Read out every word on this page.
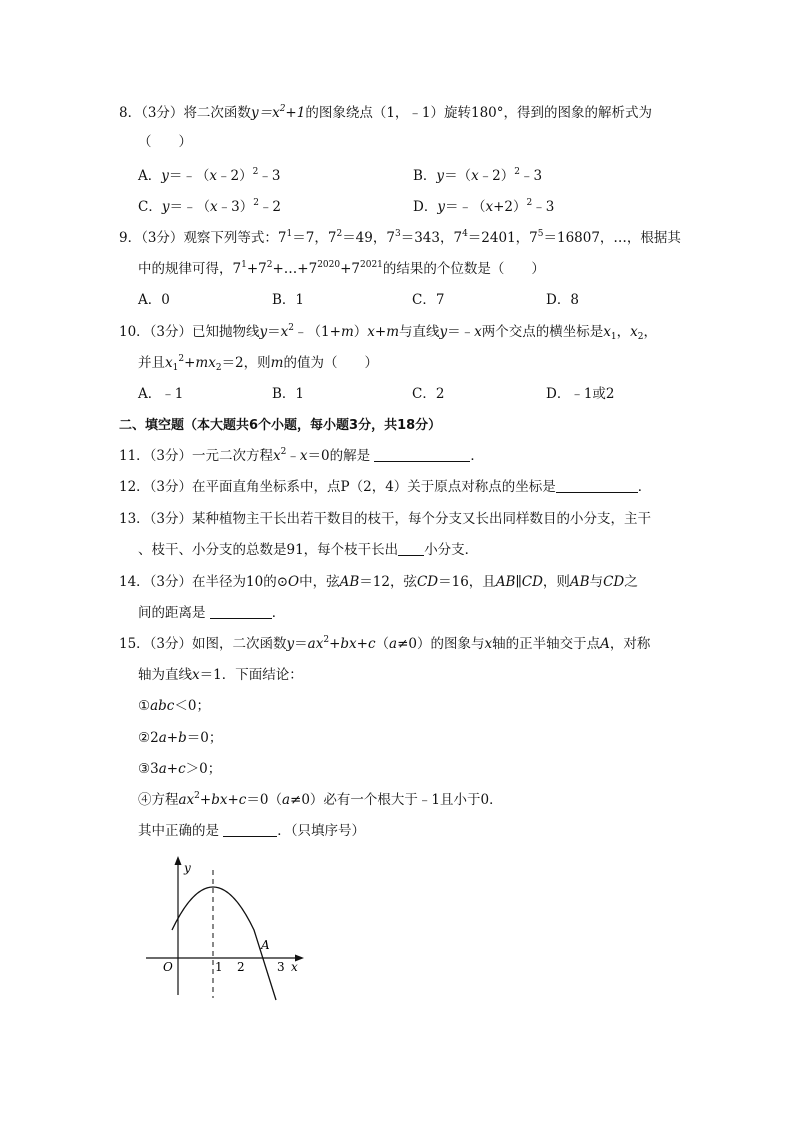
8．（3分）将二次函数$y=x^2+1$的图象绕点（1，﹣1）旋转180°，得到的图象的解析式为
（　　）
A．y＝﹣（x﹣2）$^2$﹣3	B．y＝（x﹣2）$^2$﹣3
C．y＝﹣（x﹣3）$^2$﹣2	D．$y=﹣(x+2)^2﹣3$
9．（3分）观察下列等式：$7^1=7$，$7^2=49$，$7^3=343$，$7^4=2401$，$7^5=16807$，…，根据其
中的规律可得，$7^1+7^2+\dots+7^{2020}+7^{2021}$的结果的个位数是（　　）
A．0	B．1	C．7	D．8
10．（3分）已知抛物线$y=x^2﹣(1+m)x+m$与直线y＝﹣x两个交点的横坐标是$x_1$，$x_2$，
并且$x_1^2+mx_2=2$，则m的值为（　　）
A．﹣1	B．1	C．2	D．﹣1或2
二、填空题（本大题共6个小题，每小题3分，共18分）
11．（3分）一元二次方程$x^2﹣x=0$的解是	．
12．（3分）在平面直角坐标系中，点P（2，4）关于原点对称点的坐标是	．
13．（3分）某种植物主干长出若干数目的枝干，每个分支又长出同样数目的小分支，主干
、枝干、小分支的总数是91，每个枝干长出 小分支．
14．（3分）在半径为10的⊙O中，弦AB＝12，弦CD＝16，且AB∥CD，则AB与CD之
间的距离是	．
15．（3分）如图，二次函数$y=ax^2+bx+c(a\ne 0)$的图象与x轴的正半轴交于点A，对称
轴为直线x＝1．下面结论：
①abc＜0；
②2a+b＝0；
③3a+c＞0；
④方程$ax^2+bx+c=0(a\ne 0)$必有一个根大于﹣1且小于0．
其中正确的是	．（只填序号）
y
x
O	1 2	3
A
